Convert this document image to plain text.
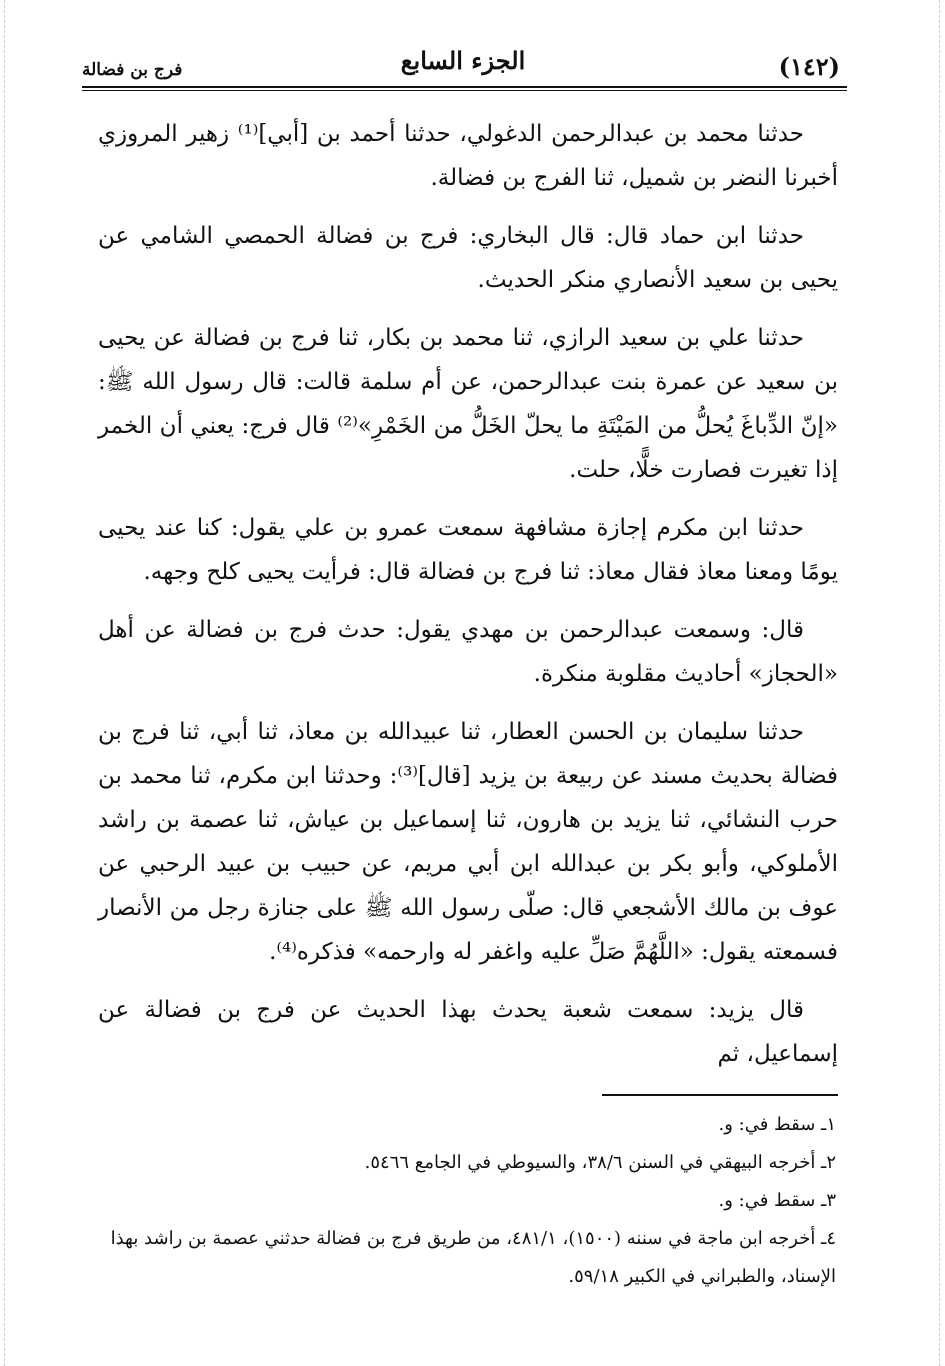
(١٤٢)
الجزء السابع
فرج بن فضالة

حدثنا محمد بن عبدالرحمن الدغولي، حدثنا أحمد بن [أبي]⁽¹⁾ زهير المروزي أخبرنا النضر بن شميل، ثنا الفرج بن فضالة.

حدثنا ابن حماد قال: قال البخاري: فرج بن فضالة الحمصي الشامي عن يحيى بن سعيد الأنصاري منكر الحديث.

حدثنا علي بن سعيد الرازي، ثنا محمد بن بكار، ثنا فرج بن فضالة عن يحيى بن سعيد عن عمرة بنت عبدالرحمن، عن أم سلمة قالت: قال رسول الله ﷺ: «إنّ الدِّباغَ يُحلُّ من المَيْتَةِ ما يحلّ الخَلُّ من الخَمْرِ»⁽²⁾ قال فرج: يعني أن الخمر إذا تغيرت فصارت خلًّا، حلت.

حدثنا ابن مكرم إجازة مشافهة سمعت عمرو بن علي يقول: كنا عند يحيى يومًا ومعنا معاذ فقال معاذ: ثنا فرج بن فضالة قال: فرأيت يحيى كلح وجهه.

قال: وسمعت عبدالرحمن بن مهدي يقول: حدث فرج بن فضالة عن أهل «الحجاز» أحاديث مقلوبة منكرة.

حدثنا سليمان بن الحسن العطار، ثنا عبيدالله بن معاذ، ثنا أبي، ثنا فرج بن فضالة بحديث مسند عن ربيعة بن يزيد [قال]⁽³⁾: وحدثنا ابن مكرم، ثنا محمد بن حرب النشائي، ثنا يزيد بن هارون، ثنا إسماعيل بن عياش، ثنا عصمة بن راشد الأملوكي، وأبو بكر بن عبدالله ابن أبي مريم، عن حبيب بن عبيد الرحبي عن عوف بن مالك الأشجعي قال: صلّى رسول الله ﷺ على جنازة رجل من الأنصار فسمعته يقول: «اللَّهُمَّ صَلِّ عليه واغفر له وارحمه» فذكره⁽⁴⁾.

قال يزيد: سمعت شعبة يحدث بهذا الحديث عن فرج بن فضالة عن إسماعيل، ثم

١ـ سقط في: و.
٢ـ أخرجه البيهقي في السنن ٣٨/٦، والسيوطي في الجامع ٥٤٦٦.
٣ـ سقط في: و.
٤ـ أخرجه ابن ماجة في سننه (١٥٠٠)، ٤٨١/١، من طريق فرج بن فضالة حدثني عصمة بن راشد بهذا الإسناد، والطبراني في الكبير ٥٩/١٨.
